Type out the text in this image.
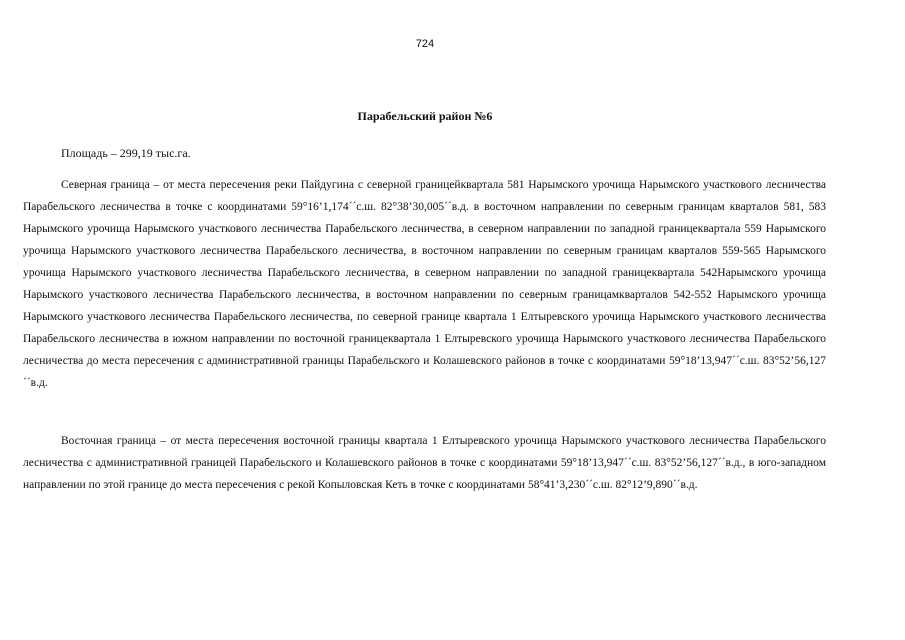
724
Парабельский район №6
Площадь – 299,19 тыс.га.

Северная граница – от места пересечения реки Пайдугина с северной границейквартала 581 Нарымского урочища Нарымского участкового лесничества Парабельского лесничества в точке с координатами 59°16’1,174´´с.ш. 82°38’30,005´´в.д. в восточном направлении по северным границам кварталов 581, 583 Нарымского урочища Нарымского участкового лесничества Парабельского лесничества, в северном направлении по западной границеквартала 559 Нарымского урочища Нарымского участкового лесничества Парабельского лесничества, в восточном направлении по северным границам кварталов 559-565 Нарымского урочища Нарымского участкового лесничества Парабельского лесничества, в северном направлении по западной границеквартала 542Нарымского урочища Нарымского участкового лесничества Парабельского лесничества, в восточном направлении по северным границамкварталов 542-552 Нарымского урочища Нарымского участкового лесничества Парабельского лесничества, по северной границе квартала 1 Елтыревского урочища Нарымского участкового лесничества Парабельского лесничества в южном направлении по восточной границеквартала 1 Елтыревского урочища Нарымского участкового лесничества Парабельского лесничества до места пересечения с административной границы Парабельского и Колашевского районов в точке с координатами 59°18’13,947´´с.ш. 83°52’56,127´´в.д.

Восточная граница – от места пересечения восточной границы квартала 1 Елтыревского урочища Нарымского участкового лесничества Парабельского лесничества с административной границей Парабельского и Колашевского районов в точке с координатами 59°18’13,947´´с.ш. 83°52’56,127´´в.д., в юго-западном направлении по этой границе до места пересечения с рекой Копыловская Кеть в точке с координатами 58°41’3,230´´с.ш. 82°12’9,890´´в.д.
